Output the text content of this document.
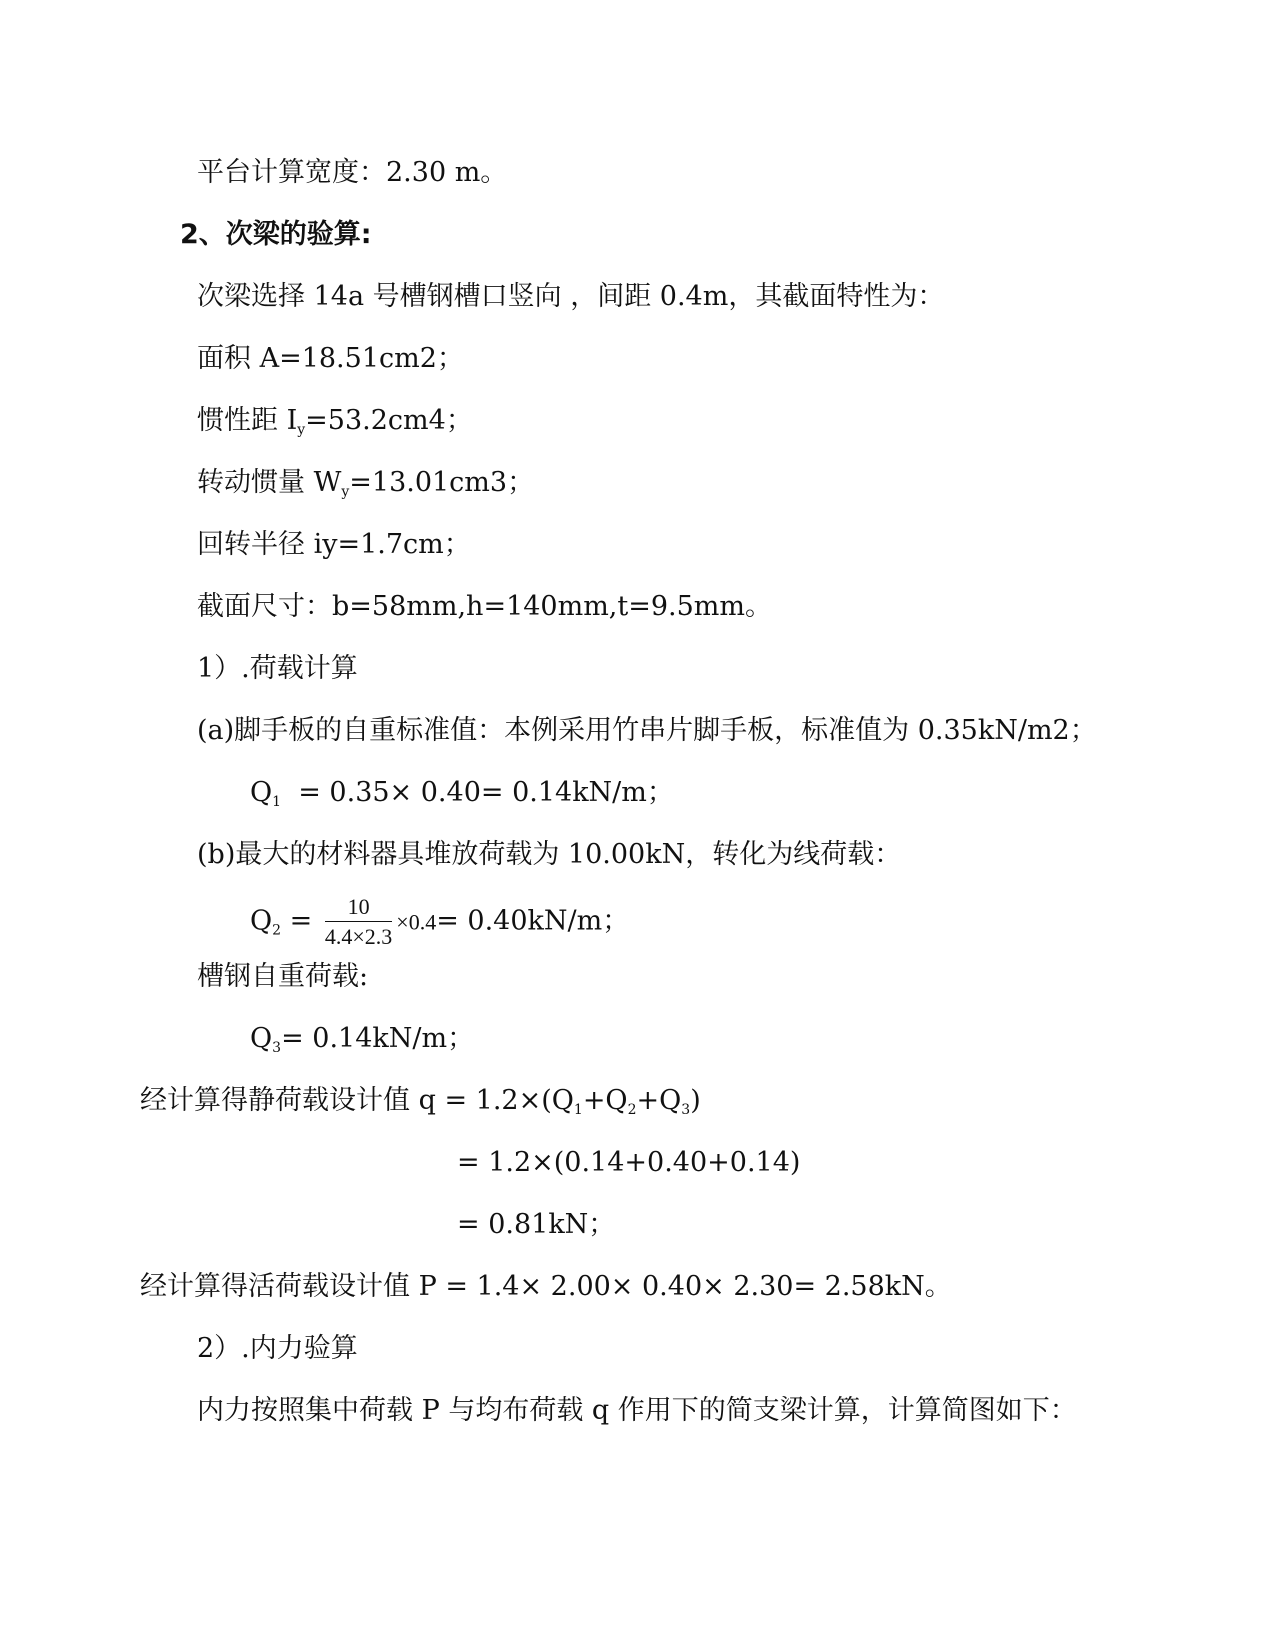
平台计算宽度：2.30 m。
2、次梁的验算:
次梁选择 14a 号槽钢槽口竖向 ，间距 0.4m，其截面特性为：
面积 A=18.51cm2；
惯性距 $I_y=53.2cm4$；
转动惯量 $W_y=13.01cm3$；
回转半径 iy=1.7cm；
截面尺寸：b=58mm,h=140mm,t=9.5mm。
1）.荷载计算
(a)脚手板的自重标准值：本例采用竹串片脚手板，标准值为 0.35kN/m2；
$Q_1 = 0.35\times 0.40= 0.14kN/m$；
(b)最大的材料器具堆放荷载为 10.00kN，转化为线荷载：
$Q_2 = \frac{10}{4.4\times 2.3} \times 0.4= 0.40kN/m$；
槽钢自重荷载:
$Q_3= 0.14kN/m$；
经计算得静荷载设计值 $q = 1.2\times(Q_1+Q_2+Q_3)$
= 1.2×(0.14+0.40+0.14)
= 0.81kN；
经计算得活荷载设计值 P = 1.4× 2.00× 0.40× 2.30= 2.58kN。
2）.内力验算
内力按照集中荷载 P 与均布荷载 q 作用下的简支梁计算，计算简图如下：
